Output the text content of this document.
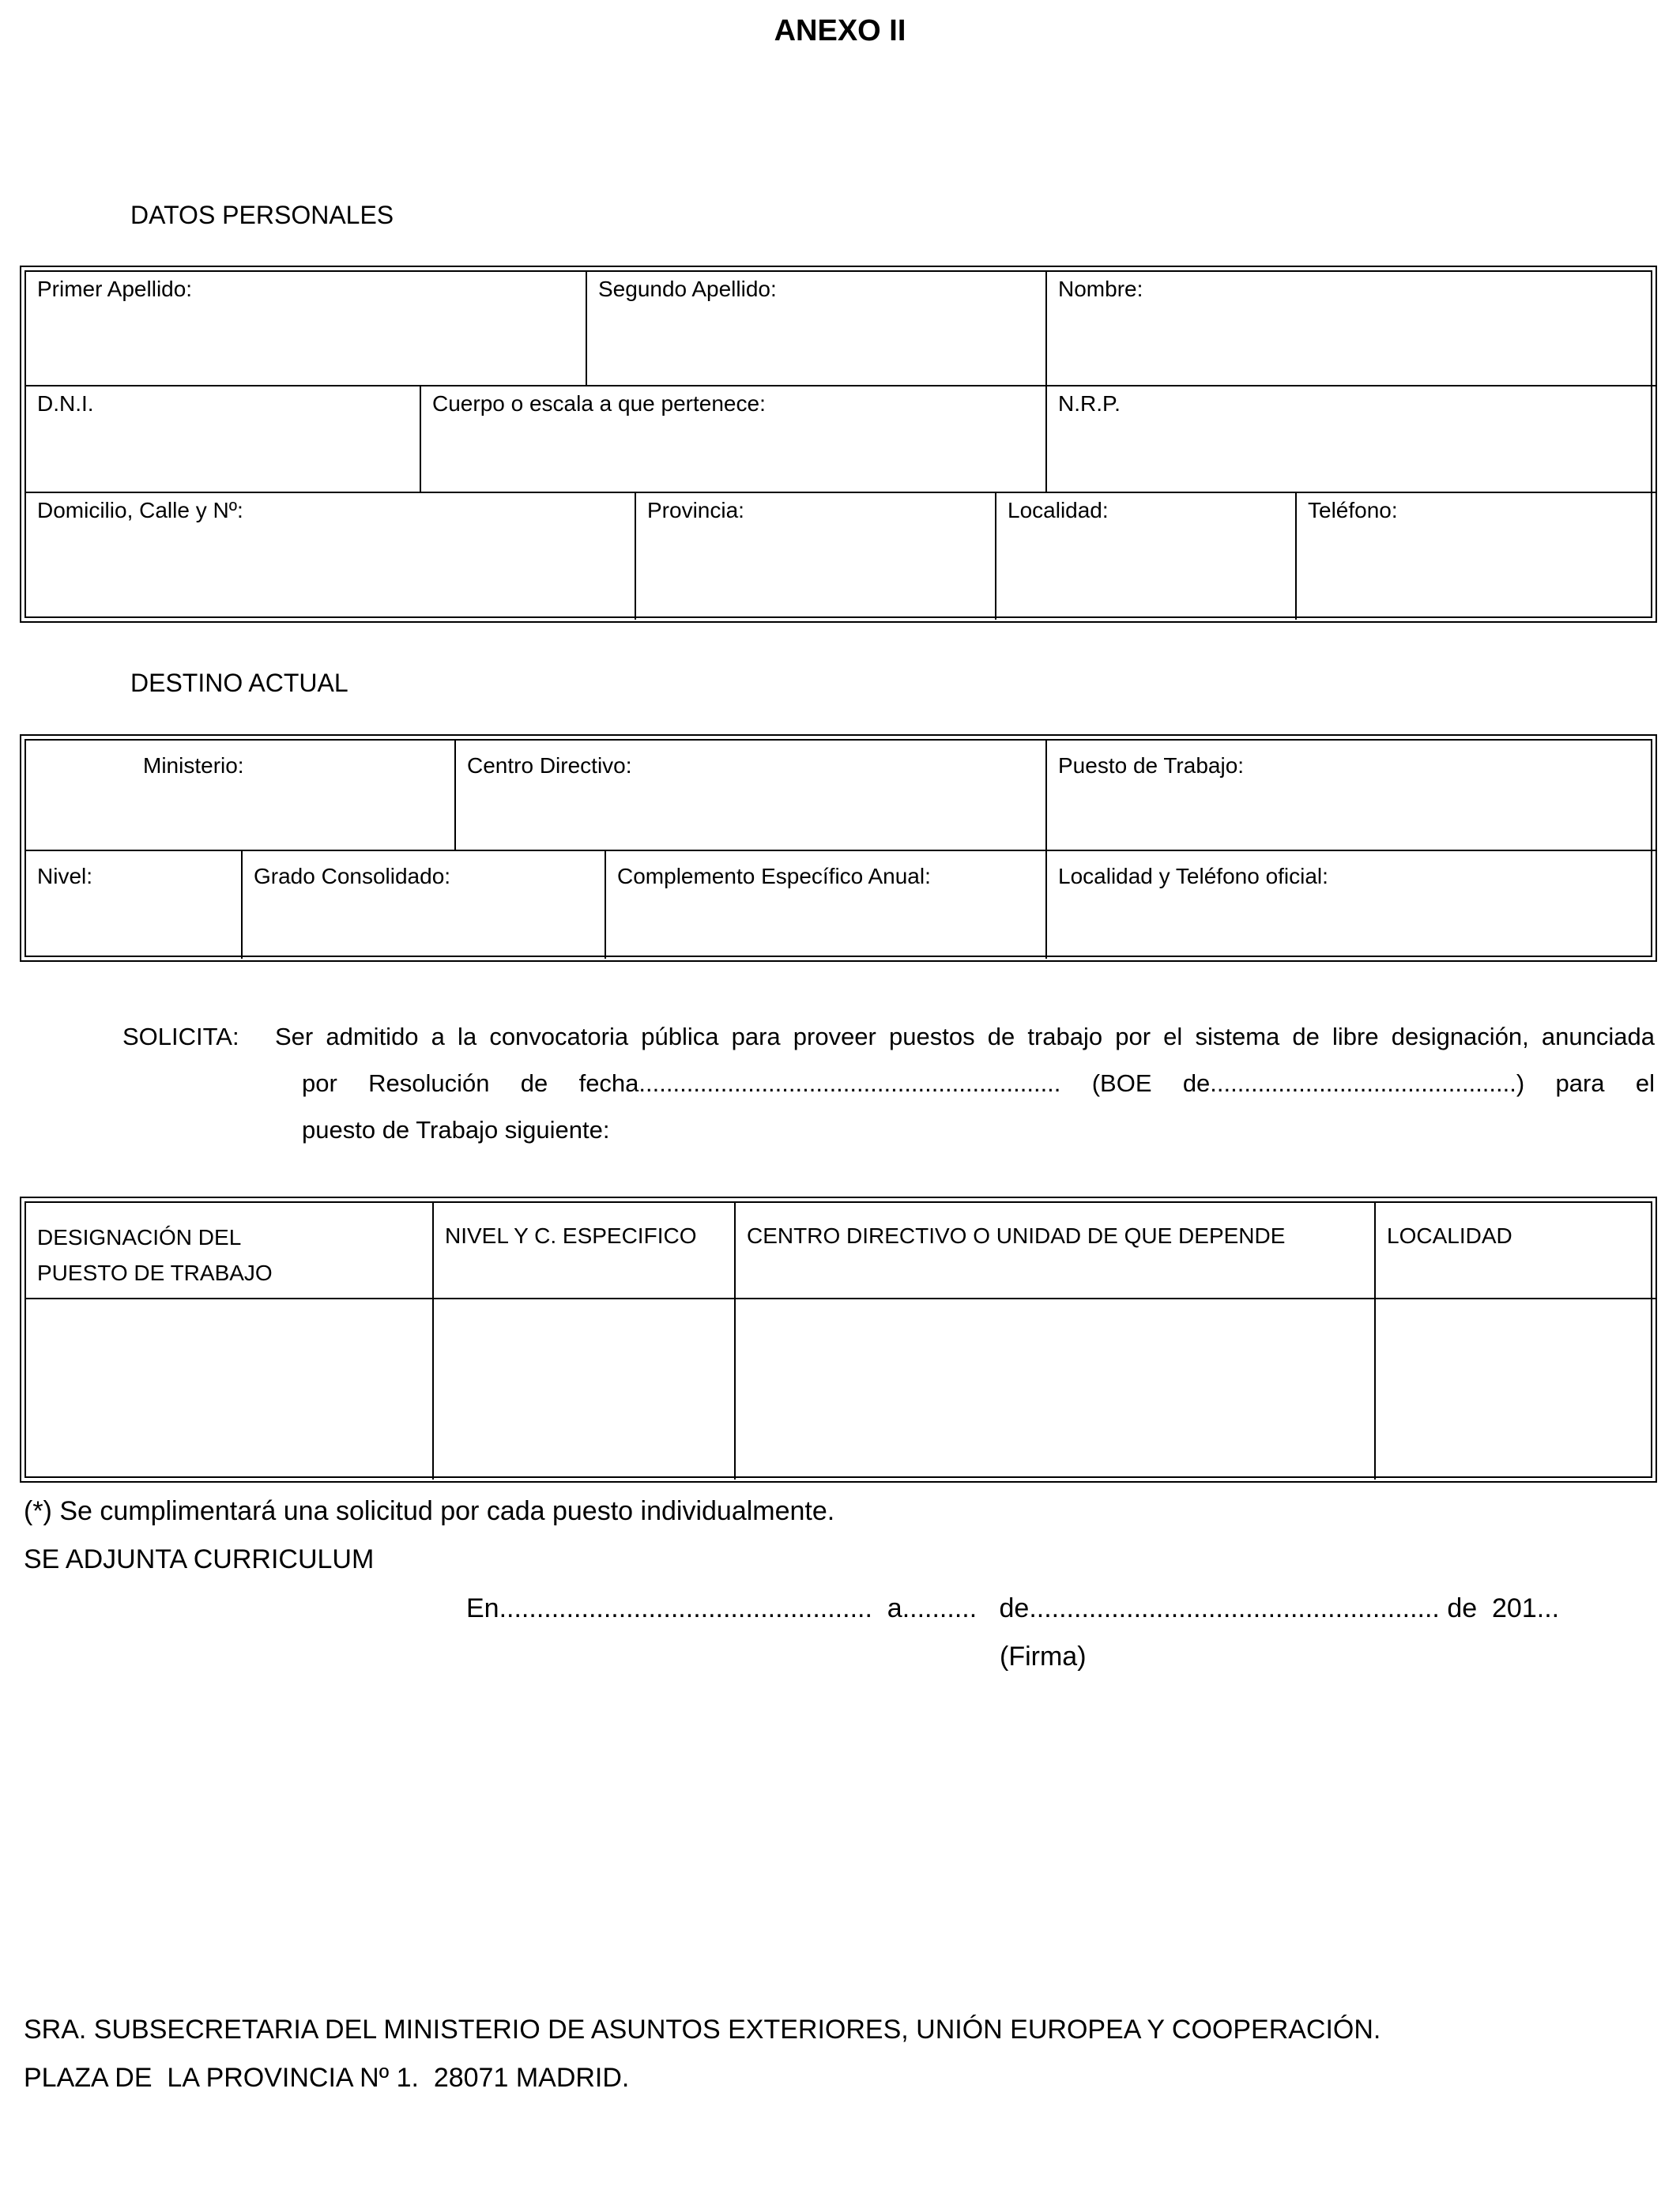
ANEXO II
DATOS PERSONALES
Primer Apellido:	Segundo Apellido:	Nombre:
D.N.I.	Cuerpo o escala a que pertenece:	N.R.P.
Domicilio, Calle y Nº:	Provincia:	Localidad:	Teléfono:
DESTINO ACTUAL
Ministerio:	Centro Directivo:	Puesto de Trabajo:
Nivel:	Grado Consolidado:	Complemento Específico Anual:	Localidad y Teléfono oficial:
SOLICITA: Ser admitido a la convocatoria pública para proveer puestos de trabajo por el sistema de libre designación, anunciada
por Resolución de fecha.............................................................. (BOE de.............................................) para el
puesto de Trabajo siguiente:
DESIGNACIÓN DEL
PUESTO DE TRABAJO
NIVEL Y C. ESPECIFICO	CENTRO DIRECTIVO O UNIDAD DE QUE DEPENDE	LOCALIDAD
(*) Se cumplimentará una solicitud por cada puesto individualmente.
SE ADJUNTA CURRICULUM
En..................................................  a..........   de....................................................... de  201...
(Firma)
SRA. SUBSECRETARIA DEL MINISTERIO DE ASUNTOS EXTERIORES, UNIÓN EUROPEA Y COOPERACIÓN.
PLAZA DE  LA PROVINCIA Nº 1.  28071 MADRID.
